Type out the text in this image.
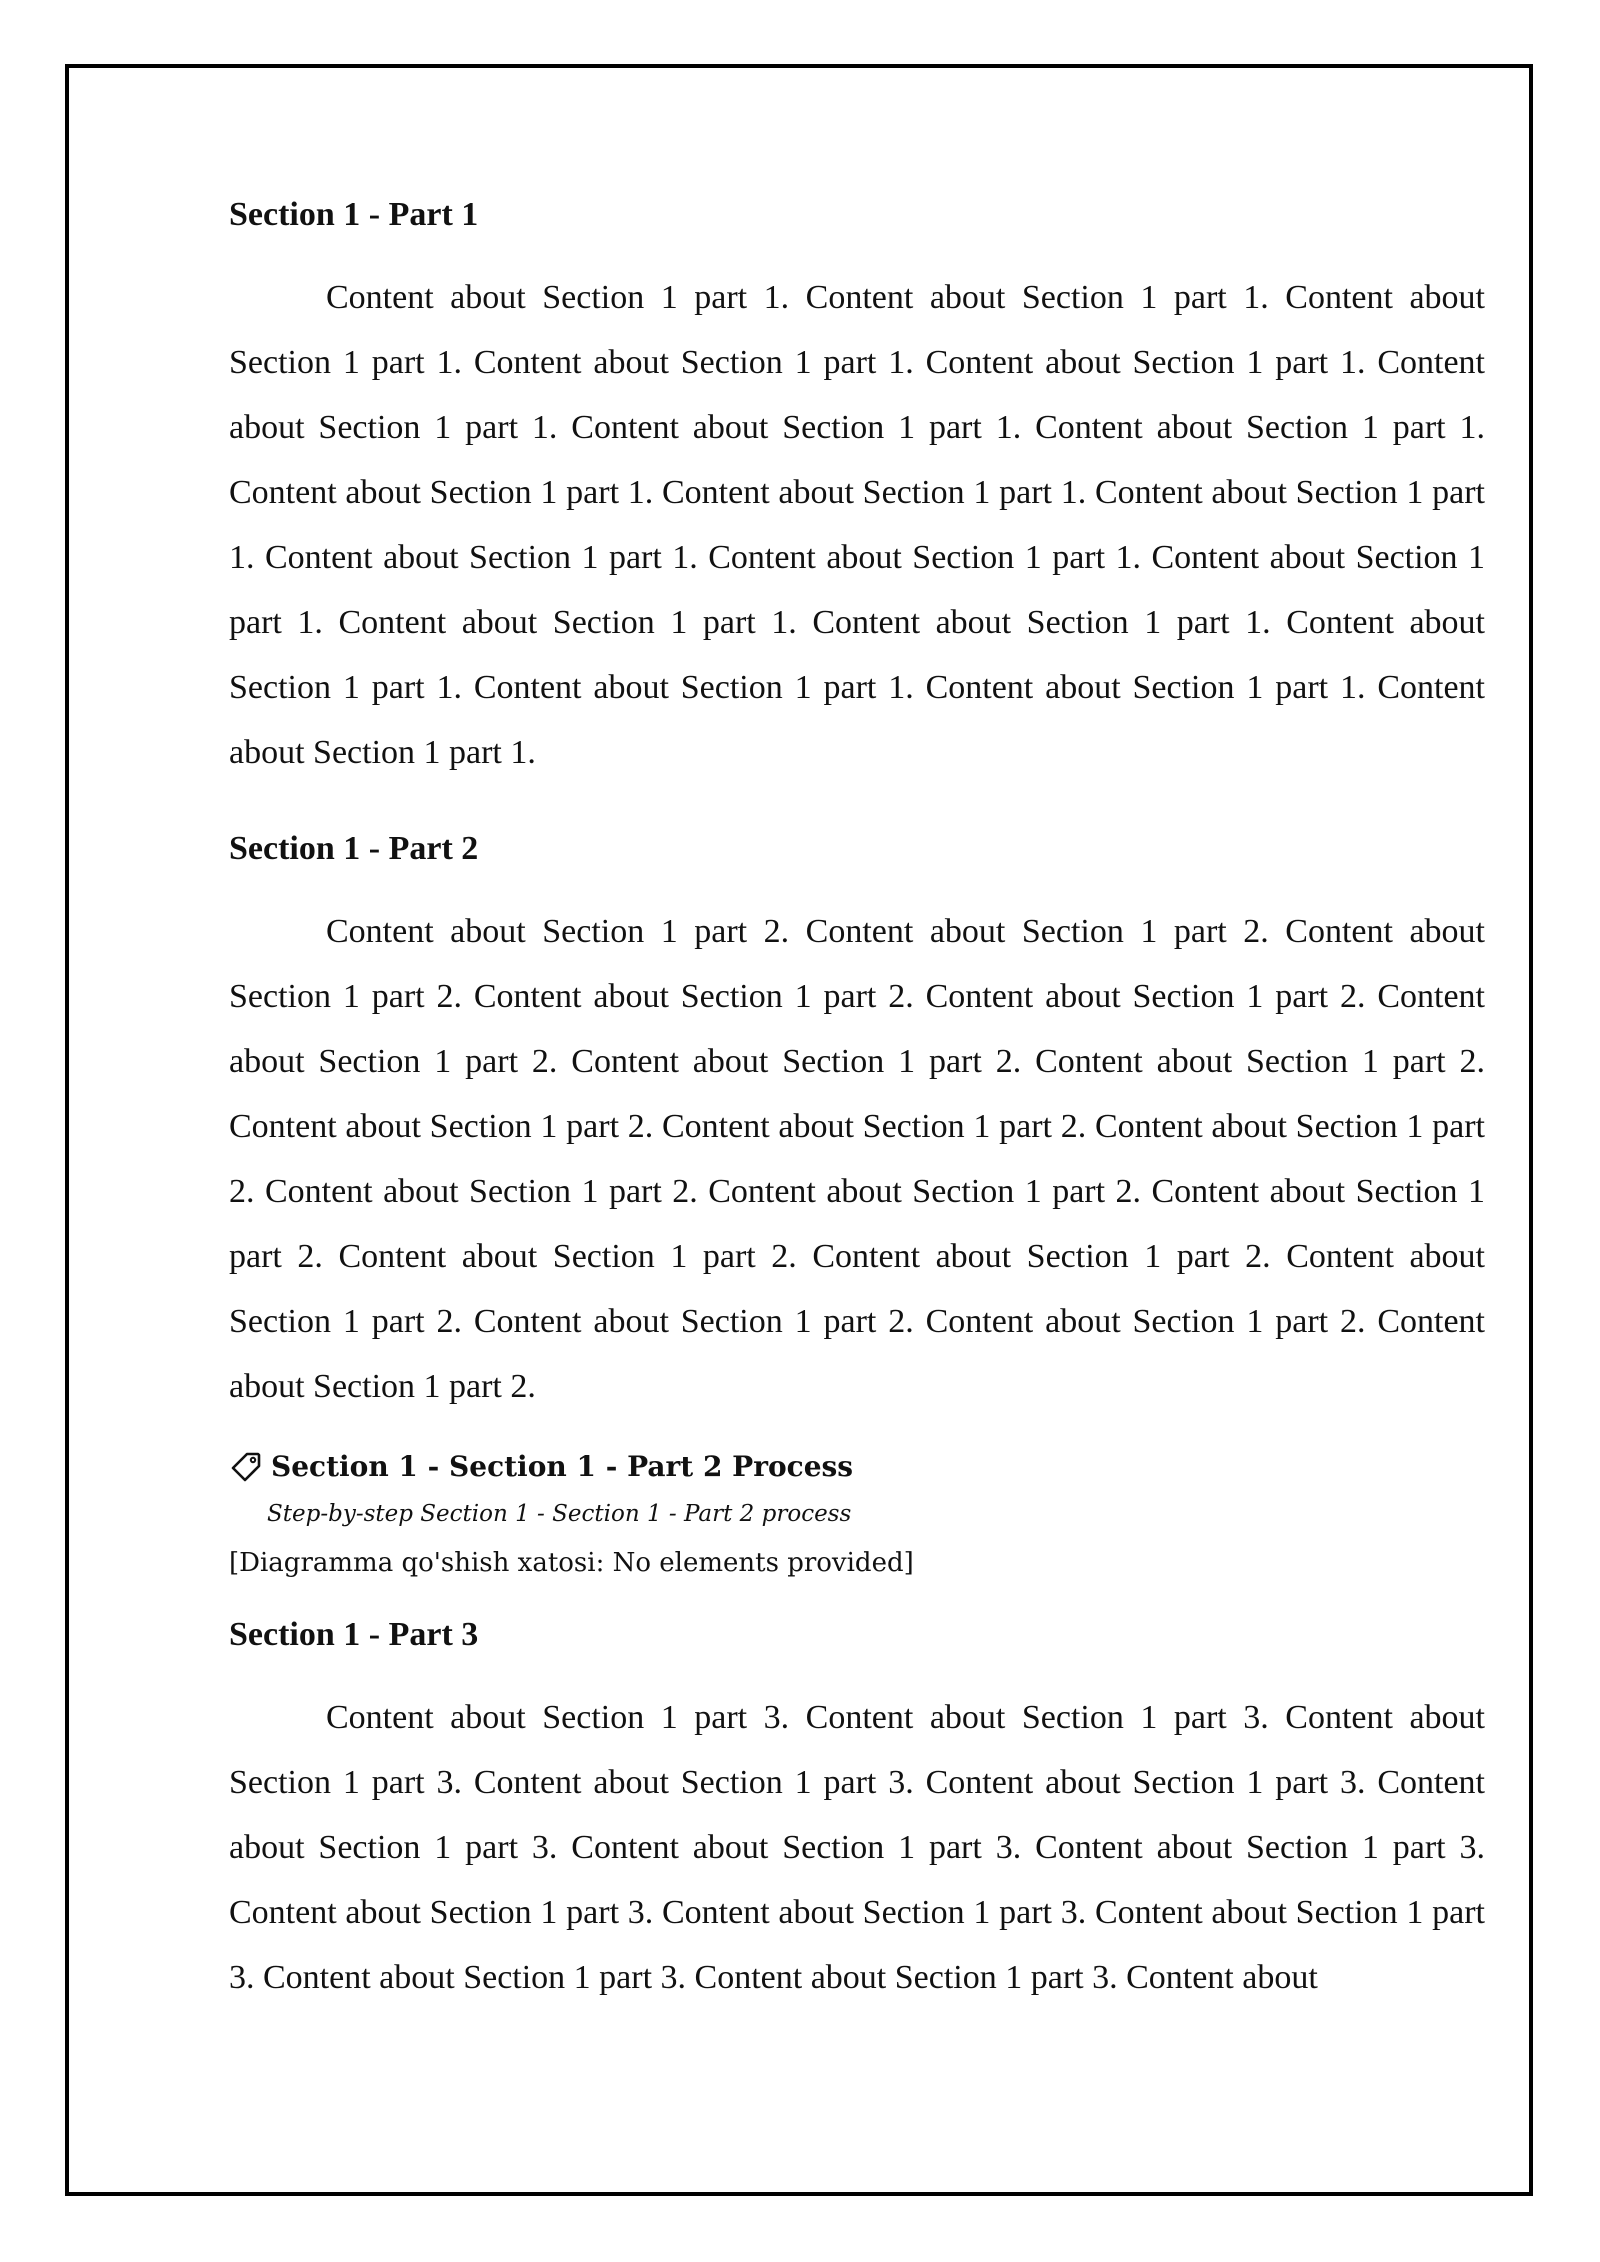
Section 1 - Part 1

Content about Section 1 part 1. Content about Section 1 part 1. Content about Section 1 part 1. Content about Section 1 part 1. Content about Section 1 part 1. Content about Section 1 part 1. Content about Section 1 part 1. Content about Section 1 part 1. Content about Section 1 part 1. Content about Section 1 part 1. Content about Section 1 part 1. Content about Section 1 part 1. Content about Section 1 part 1. Content about Section 1 part 1. Content about Section 1 part 1. Content about Section 1 part 1. Content about Section 1 part 1. Content about Section 1 part 1. Content about Section 1 part 1. Content about Section 1 part 1.

Section 1 - Part 2

Content about Section 1 part 2. Content about Section 1 part 2. Content about Section 1 part 2. Content about Section 1 part 2. Content about Section 1 part 2. Content about Section 1 part 2. Content about Section 1 part 2. Content about Section 1 part 2. Content about Section 1 part 2. Content about Section 1 part 2. Content about Section 1 part 2. Content about Section 1 part 2. Content about Section 1 part 2. Content about Section 1 part 2. Content about Section 1 part 2. Content about Section 1 part 2. Content about Section 1 part 2. Content about Section 1 part 2. Content about Section 1 part 2. Content about Section 1 part 2.

Section 1 - Section 1 - Part 2 Process
Step-by-step Section 1 - Section 1 - Part 2 process
[Diagramma qo'shish xatosi: No elements provided]
Section 1 - Part 3

Content about Section 1 part 3. Content about Section 1 part 3. Content about Section 1 part 3. Content about Section 1 part 3. Content about Section 1 part 3. Content about Section 1 part 3. Content about Section 1 part 3. Content about Section 1 part 3. Content about Section 1 part 3. Content about Section 1 part 3. Content about Section 1 part 3. Content about Section 1 part 3. Content about Section 1 part 3. Content about
